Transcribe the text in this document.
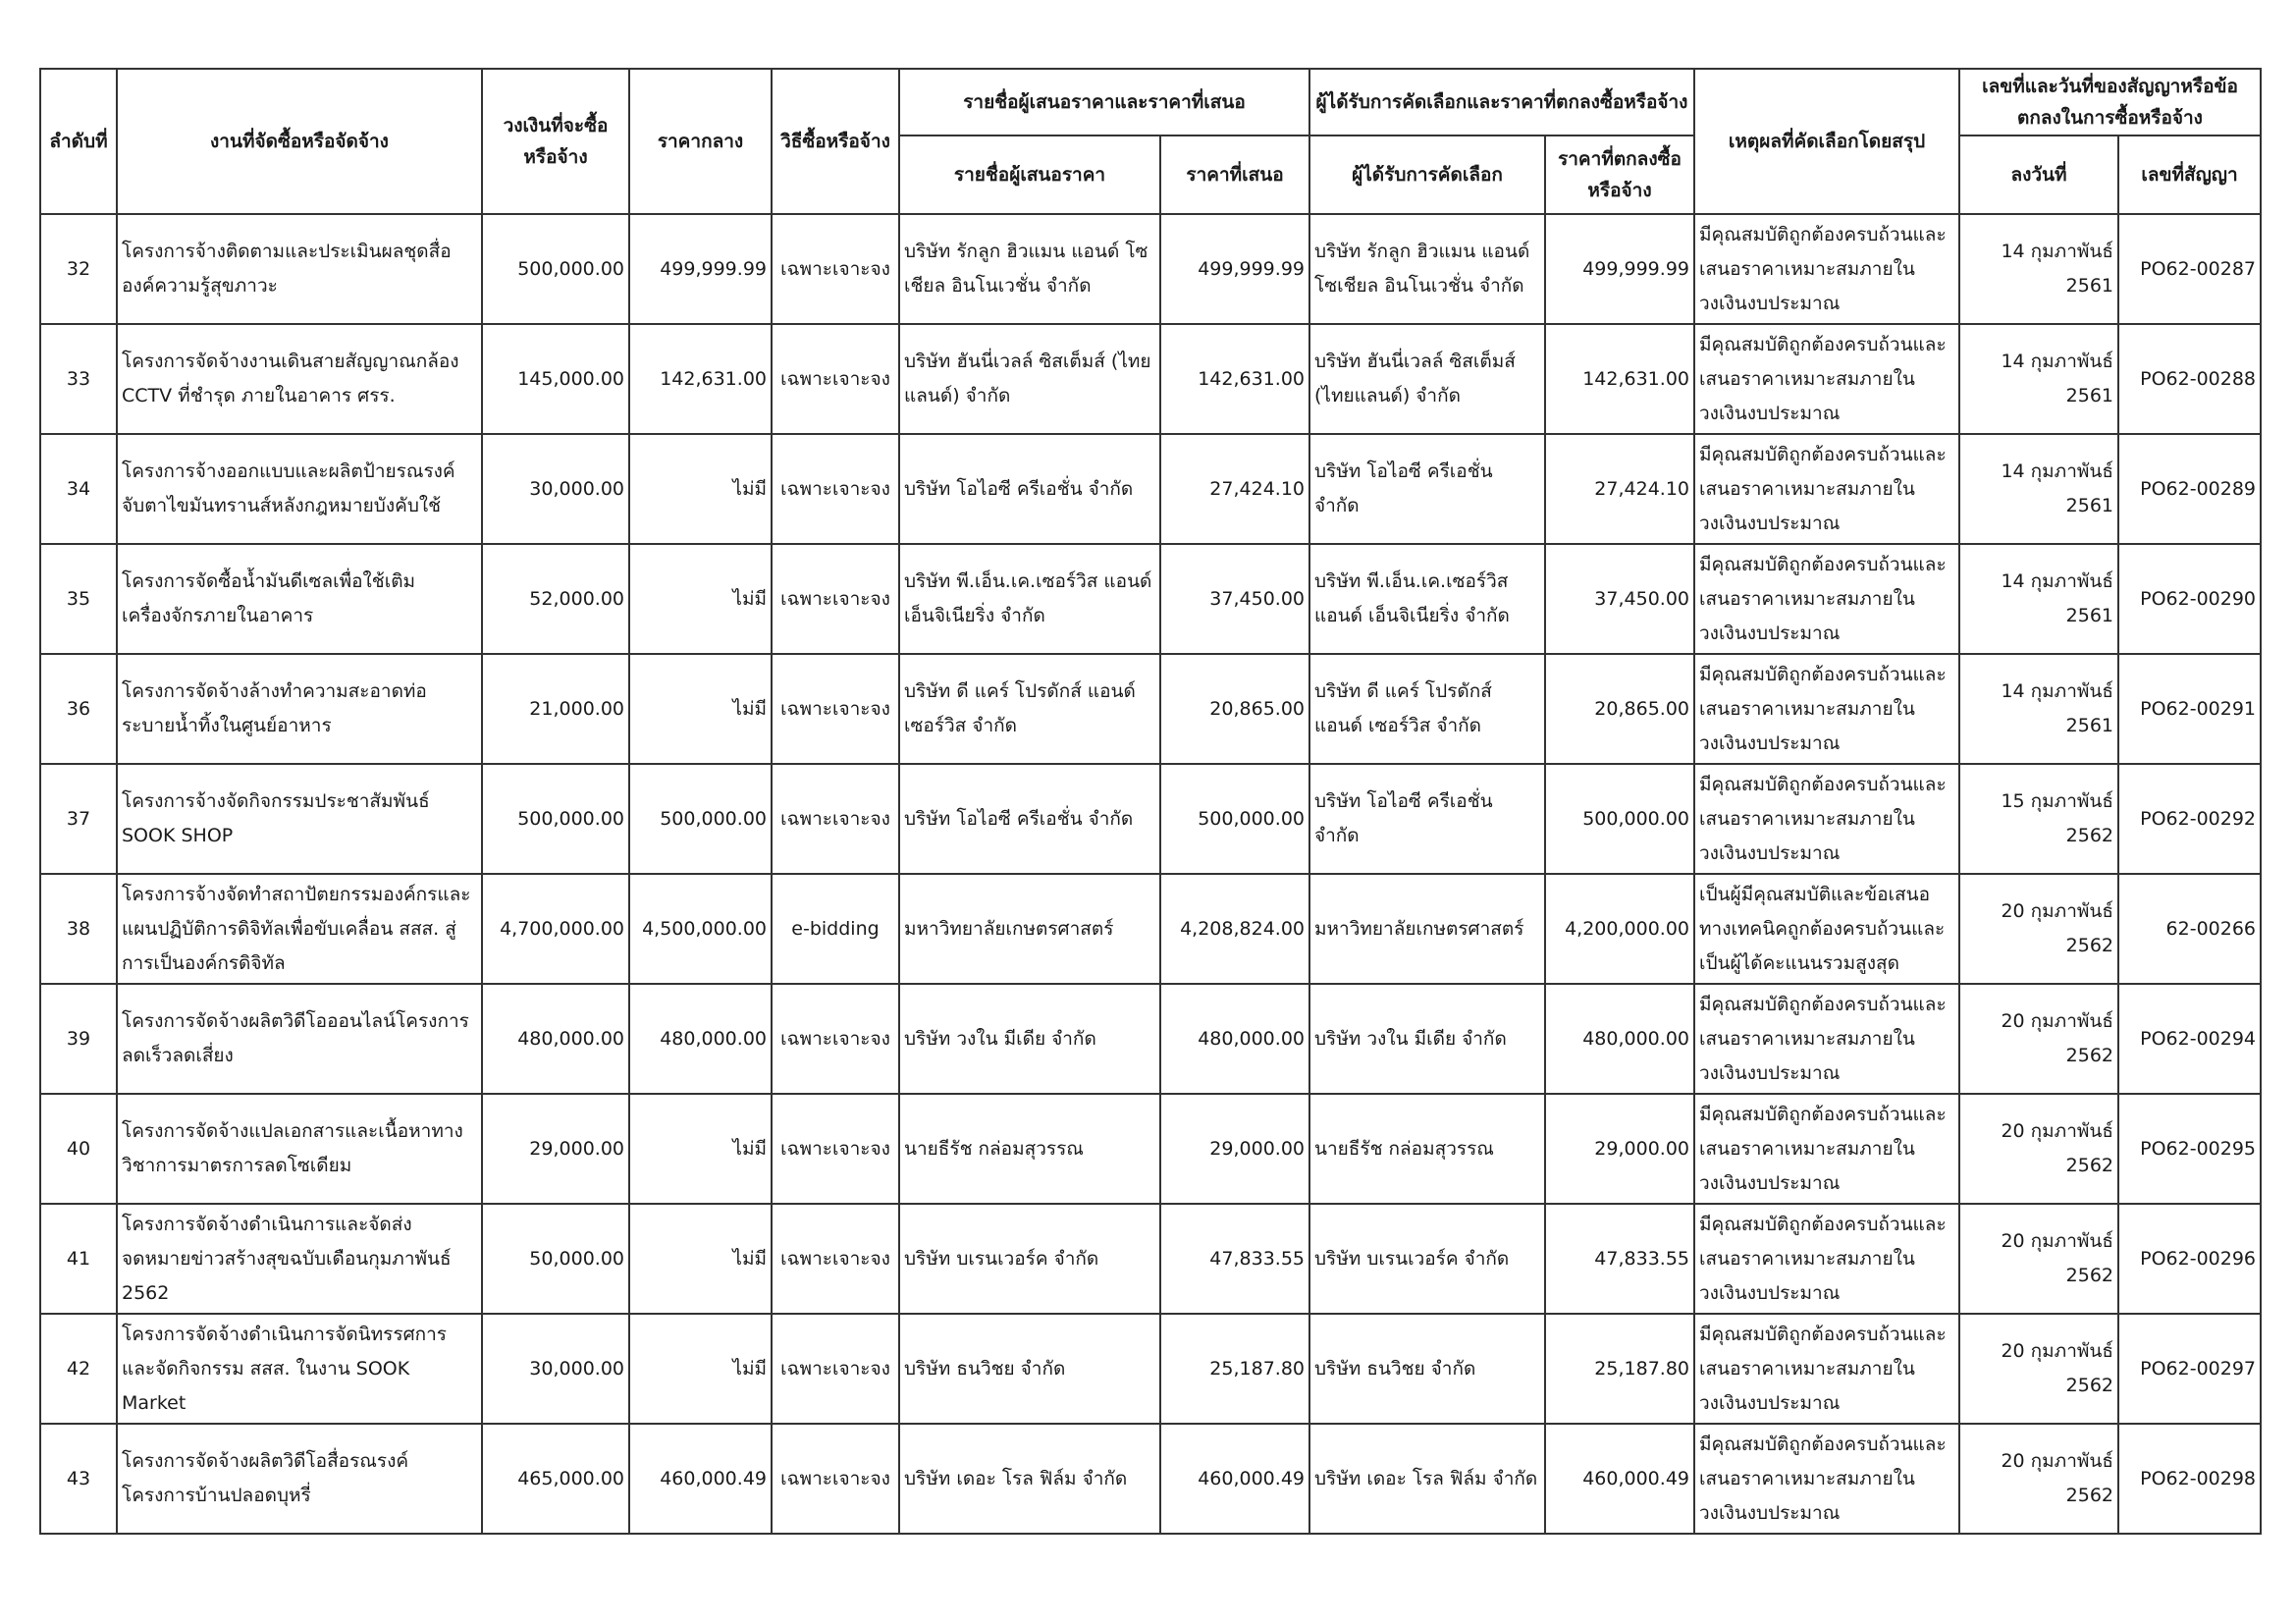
ลำดับที่	งานที่จัดซื้อหรือจัดจ้าง	วงเงินที่จะซื้อหรือจ้าง	ราคากลาง	วิธีซื้อหรือจ้าง	รายชื่อผู้เสนอราคาและราคาที่เสนอ		ผู้ได้รับการคัดเลือกและราคาที่ตกลงซื้อหรือจ้าง		เหตุผลที่คัดเลือกโดยสรุป	เลขที่และวันที่ของสัญญาหรือข้อตกลงในการซื้อหรือจ้าง	
					รายชื่อผู้เสนอราคา	ราคาที่เสนอ	ผู้ได้รับการคัดเลือก	ราคาที่ตกลงซื้อหรือจ้าง		ลงวันที่	เลขที่สัญญา
32	โครงการจ้างติดตามและประเมินผลชุดสื่อองค์ความรู้สุขภาวะ	500,000.00	499,999.99	เฉพาะเจาะจง	บริษัท รักลูก ฮิวแมน แอนด์ โซเชียล อินโนเวชั่น จำกัด	499,999.99	บริษัท รักลูก ฮิวแมน แอนด์ โซเชียล อินโนเวชั่น จำกัด	499,999.99	มีคุณสมบัติถูกต้องครบถ้วนและเสนอราคาเหมาะสมภายในวงเงินงบประมาณ	14 กุมภาพันธ์ 2561	PO62-00287
33	โครงการจัดจ้างงานเดินสายสัญญาณกล้อง CCTV ที่ชำรุด ภายในอาคาร ศรร.	145,000.00	142,631.00	เฉพาะเจาะจง	บริษัท ฮันนี่เวลล์ ซิสเต็มส์ (ไทยแลนด์) จำกัด	142,631.00	บริษัท ฮันนี่เวลล์ ซิสเต็มส์ (ไทยแลนด์) จำกัด	142,631.00	มีคุณสมบัติถูกต้องครบถ้วนและเสนอราคาเหมาะสมภายในวงเงินงบประมาณ	14 กุมภาพันธ์ 2561	PO62-00288
34	โครงการจ้างออกแบบและผลิตป้ายรณรงค์จับตาไขมันทรานส์หลังกฎหมายบังคับใช้	30,000.00	ไม่มี	เฉพาะเจาะจง	บริษัท โอไอซี ครีเอชั่น จำกัด	27,424.10	บริษัท โอไอซี ครีเอชั่น จำกัด	27,424.10	มีคุณสมบัติถูกต้องครบถ้วนและเสนอราคาเหมาะสมภายในวงเงินงบประมาณ	14 กุมภาพันธ์ 2561	PO62-00289
35	โครงการจัดซื้อน้ำมันดีเซลเพื่อใช้เติมเครื่องจักรภายในอาคาร	52,000.00	ไม่มี	เฉพาะเจาะจง	บริษัท พี.เอ็น.เค.เซอร์วิส แอนด์ เอ็นจิเนียริ่ง จำกัด	37,450.00	บริษัท พี.เอ็น.เค.เซอร์วิส แอนด์ เอ็นจิเนียริ่ง จำกัด	37,450.00	มีคุณสมบัติถูกต้องครบถ้วนและเสนอราคาเหมาะสมภายในวงเงินงบประมาณ	14 กุมภาพันธ์ 2561	PO62-00290
36	โครงการจัดจ้างล้างทำความสะอาดท่อระบายน้ำทิ้งในศูนย์อาหาร	21,000.00	ไม่มี	เฉพาะเจาะจง	บริษัท ดี แคร์ โปรดักส์ แอนด์ เซอร์วิส จำกัด	20,865.00	บริษัท ดี แคร์ โปรดักส์ แอนด์ เซอร์วิส จำกัด	20,865.00	มีคุณสมบัติถูกต้องครบถ้วนและเสนอราคาเหมาะสมภายในวงเงินงบประมาณ	14 กุมภาพันธ์ 2561	PO62-00291
37	โครงการจ้างจัดกิจกรรมประชาสัมพันธ์ SOOK SHOP	500,000.00	500,000.00	เฉพาะเจาะจง	บริษัท โอไอซี ครีเอชั่น จำกัด	500,000.00	บริษัท โอไอซี ครีเอชั่น จำกัด	500,000.00	มีคุณสมบัติถูกต้องครบถ้วนและเสนอราคาเหมาะสมภายในวงเงินงบประมาณ	15 กุมภาพันธ์ 2562	PO62-00292
38	โครงการจ้างจัดทำสถาปัตยกรรมองค์กรและแผนปฏิบัติการดิจิทัลเพื่อขับเคลื่อน สสส. สู่การเป็นองค์กรดิจิทัล	4,700,000.00	4,500,000.00	e-bidding	มหาวิทยาลัยเกษตรศาสตร์	4,208,824.00	มหาวิทยาลัยเกษตรศาสตร์	4,200,000.00	เป็นผู้มีคุณสมบัติและข้อเสนอทางเทคนิคถูกต้องครบถ้วนและเป็นผู้ได้คะแนนรวมสูงสุด	20 กุมภาพันธ์ 2562	62-00266
39	โครงการจัดจ้างผลิตวิดีโอออนไลน์โครงการลดเร็วลดเสี่ยง	480,000.00	480,000.00	เฉพาะเจาะจง	บริษัท วงใน มีเดีย จำกัด	480,000.00	บริษัท วงใน มีเดีย จำกัด	480,000.00	มีคุณสมบัติถูกต้องครบถ้วนและเสนอราคาเหมาะสมภายในวงเงินงบประมาณ	20 กุมภาพันธ์ 2562	PO62-00294
40	โครงการจัดจ้างแปลเอกสารและเนื้อหาทางวิชาการมาตรการลดโซเดียม	29,000.00	ไม่มี	เฉพาะเจาะจง	นายธีรัช กล่อมสุวรรณ	29,000.00	นายธีรัช กล่อมสุวรรณ	29,000.00	มีคุณสมบัติถูกต้องครบถ้วนและเสนอราคาเหมาะสมภายในวงเงินงบประมาณ	20 กุมภาพันธ์ 2562	PO62-00295
41	โครงการจัดจ้างดำเนินการและจัดส่งจดหมายข่าวสร้างสุขฉบับเดือนกุมภาพันธ์ 2562	50,000.00	ไม่มี	เฉพาะเจาะจง	บริษัท บเรนเวอร์ค จำกัด	47,833.55	บริษัท บเรนเวอร์ค จำกัด	47,833.55	มีคุณสมบัติถูกต้องครบถ้วนและเสนอราคาเหมาะสมภายในวงเงินงบประมาณ	20 กุมภาพันธ์ 2562	PO62-00296
42	โครงการจัดจ้างดำเนินการจัดนิทรรศการและจัดกิจกรรม สสส. ในงาน SOOK Market	30,000.00	ไม่มี	เฉพาะเจาะจง	บริษัท ธนวิชย จำกัด	25,187.80	บริษัท ธนวิชย จำกัด	25,187.80	มีคุณสมบัติถูกต้องครบถ้วนและเสนอราคาเหมาะสมภายในวงเงินงบประมาณ	20 กุมภาพันธ์ 2562	PO62-00297
43	โครงการจัดจ้างผลิตวิดีโอสื่อรณรงค์โครงการบ้านปลอดบุหรี่	465,000.00	460,000.49	เฉพาะเจาะจง	บริษัท เดอะ โรล ฟิล์ม จำกัด	460,000.49	บริษัท เดอะ โรล ฟิล์ม จำกัด	460,000.49	มีคุณสมบัติถูกต้องครบถ้วนและเสนอราคาเหมาะสมภายในวงเงินงบประมาณ	20 กุมภาพันธ์ 2562	PO62-00298
